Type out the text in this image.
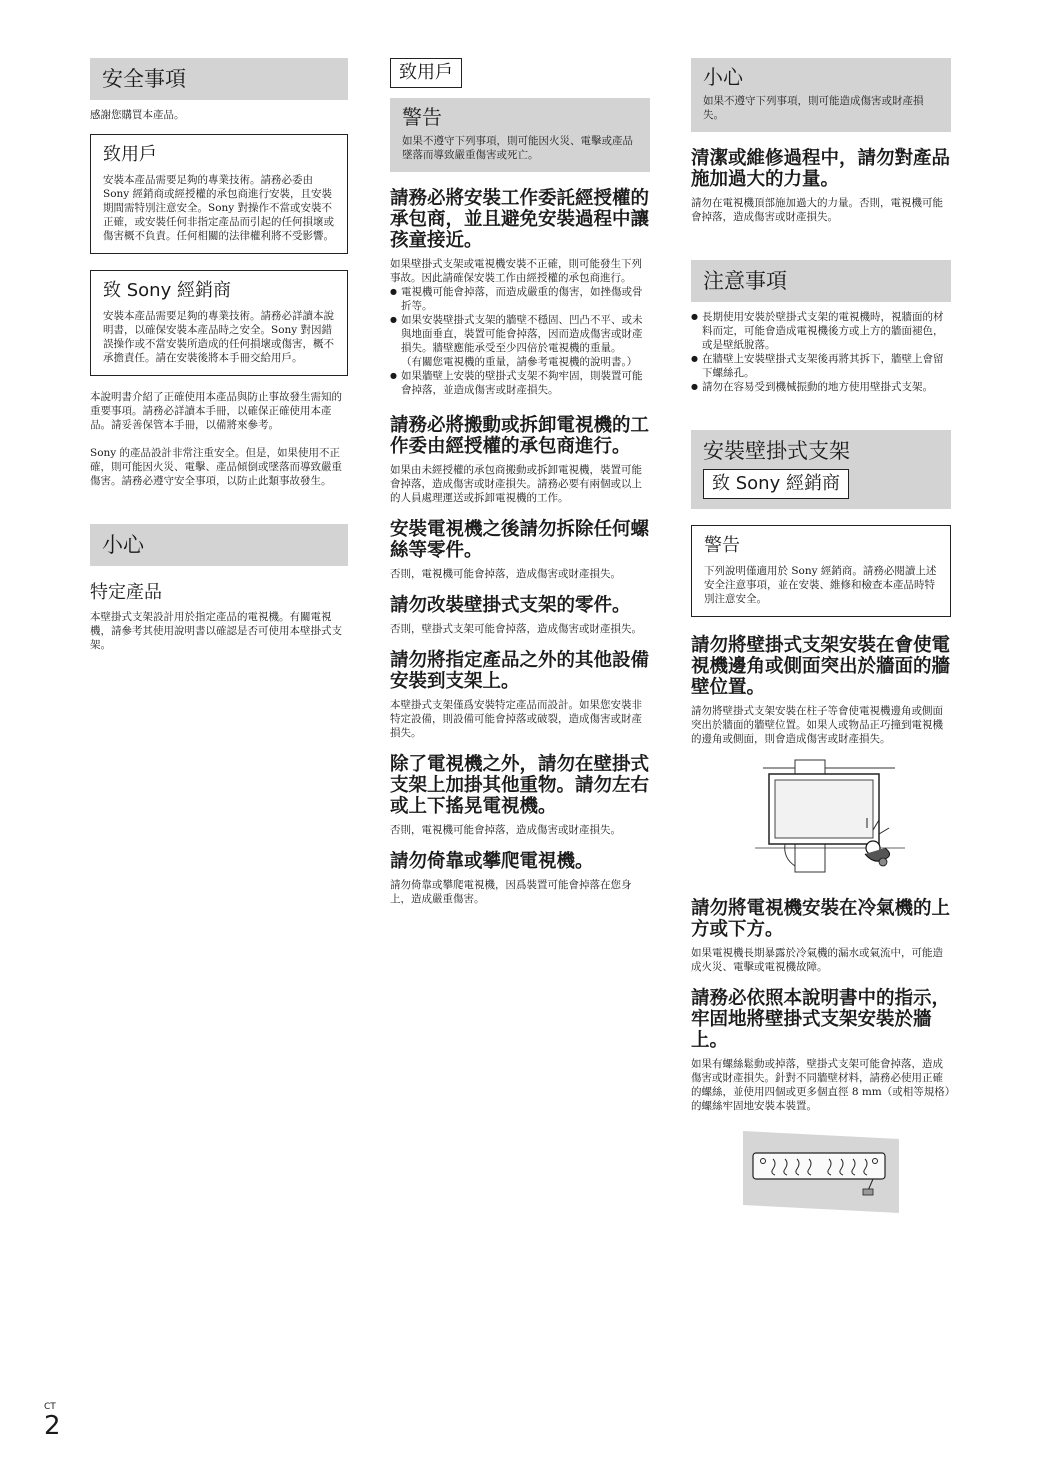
安全事項

感謝您購買本產品。

致用戶

安裝本產品需要足夠的專業技術。請務必委由 Sony 經銷商或經授權的承包商進行安裝，且安裝期間需特別注意安全。Sony 對操作不當或安裝不正確，或安裝任何非指定產品而引起的任何損壞或傷害概不負責。任何相關的法律權利將不受影響。

致 Sony 經銷商

安裝本產品需要足夠的專業技術。請務必詳讀本說明書，以確保安裝本產品時之安全。Sony 對因錯誤操作或不當安裝所造成的任何損壞或傷害，概不承擔責任。請在安裝後將本手冊交給用戶。

本說明書介紹了正確使用本產品與防止事故發生需知的重要事項。請務必詳讀本手冊，以確保正確使用本產品。請妥善保管本手冊，以備將來參考。

Sony 的產品設計非常注重安全。但是，如果使用不正確，則可能因火災、電擊、產品傾倒或墜落而導致嚴重傷害。請務必遵守安全事項，以防止此類事故發生。

小心
特定產品

本壁掛式支架設計用於指定產品的電視機。有關電視機，請參考其使用說明書以確認是否可使用本壁掛式支架。

致用戶
警告

如果不遵守下列事項，則可能因火災、電擊或產品墜落而導致嚴重傷害或死亡。

請務必將安裝工作委託經授權的承包商，並且避免安裝過程中讓孩童接近。

如果壁掛式支架或電視機安裝不正確，則可能發生下列事故。因此請確保安裝工作由經授權的承包商進行。

● 電視機可能會掉落，而造成嚴重的傷害，如挫傷或骨折等。
● 如果安裝壁掛式支架的牆壁不穩固、凹凸不平、或未與地面垂直，裝置可能會掉落，因而造成傷害或財產損失。牆壁應能承受至少四倍於電視機的重量。
（有關您電視機的重量，請參考電視機的說明書。）
● 如果牆壁上安裝的壁掛式支架不夠牢固，則裝置可能會掉落，並造成傷害或財產損失。
請務必將搬動或拆卸電視機的工作委由經授權的承包商進行。

如果由未經授權的承包商搬動或拆卸電視機，裝置可能會掉落，造成傷害或財產損失。請務必要有兩個或以上的人員處理運送或拆卸電視機的工作。

安裝電視機之後請勿拆除任何螺絲等零件。

否則，電視機可能會掉落，造成傷害或財產損失。

請勿改裝壁掛式支架的零件。

否則，壁掛式支架可能會掉落，造成傷害或財產損失。

請勿將指定產品之外的其他設備安裝到支架上。

本壁掛式支架僅爲安裝特定產品而設計。如果您安裝非特定設備，則設備可能會掉落或破裂，造成傷害或財產損失。

除了電視機之外，請勿在壁掛式支架上加掛其他重物。請勿左右或上下搖晃電視機。

否則，電視機可能會掉落，造成傷害或財產損失。

請勿倚靠或攀爬電視機。

請勿倚靠或攀爬電視機，因爲裝置可能會掉落在您身上，造成嚴重傷害。

小心

如果不遵守下列事項，則可能造成傷害或財產損失。

清潔或維修過程中，請勿對產品施加過大的力量。

請勿在電視機頂部施加過大的力量。否則，電視機可能會掉落，造成傷害或財產損失。

注意事項
● 長期使用安裝於壁掛式支架的電視機時，視牆面的材料而定，可能會造成電視機後方或上方的牆面褪色，或是壁紙脫落。
● 在牆壁上安裝壁掛式支架後再將其拆下，牆壁上會留下螺絲孔。
● 請勿在容易受到機械振動的地方使用壁掛式支架。
安裝壁掛式支架
致 Sony 經銷商
警告

下列說明僅適用於 Sony 經銷商。請務必閱讀上述安全注意事項，並在安裝、維修和檢查本產品時特別注意安全。

請勿將壁掛式支架安裝在會使電視機邊角或側面突出於牆面的牆壁位置。

請勿將壁掛式支架安裝在柱子等會使電視機邊角或側面突出於牆面的牆壁位置。如果人或物品正巧撞到電視機的邊角或側面，則會造成傷害或財產損失。

請勿將電視機安裝在冷氣機的上方或下方。

如果電視機長期暴露於冷氣機的漏水或氣流中，可能造成火災、電擊或電視機故障。

請務必依照本說明書中的指示，牢固地將壁掛式支架安裝於牆上。

如果有螺絲鬆動或掉落，壁掛式支架可能會掉落，造成傷害或財產損失。針對不同牆壁材料，請務必使用正確的螺絲，並使用四個或更多個直徑 8 mm（或相等規格）的螺絲牢固地安裝本裝置。

CT
2
